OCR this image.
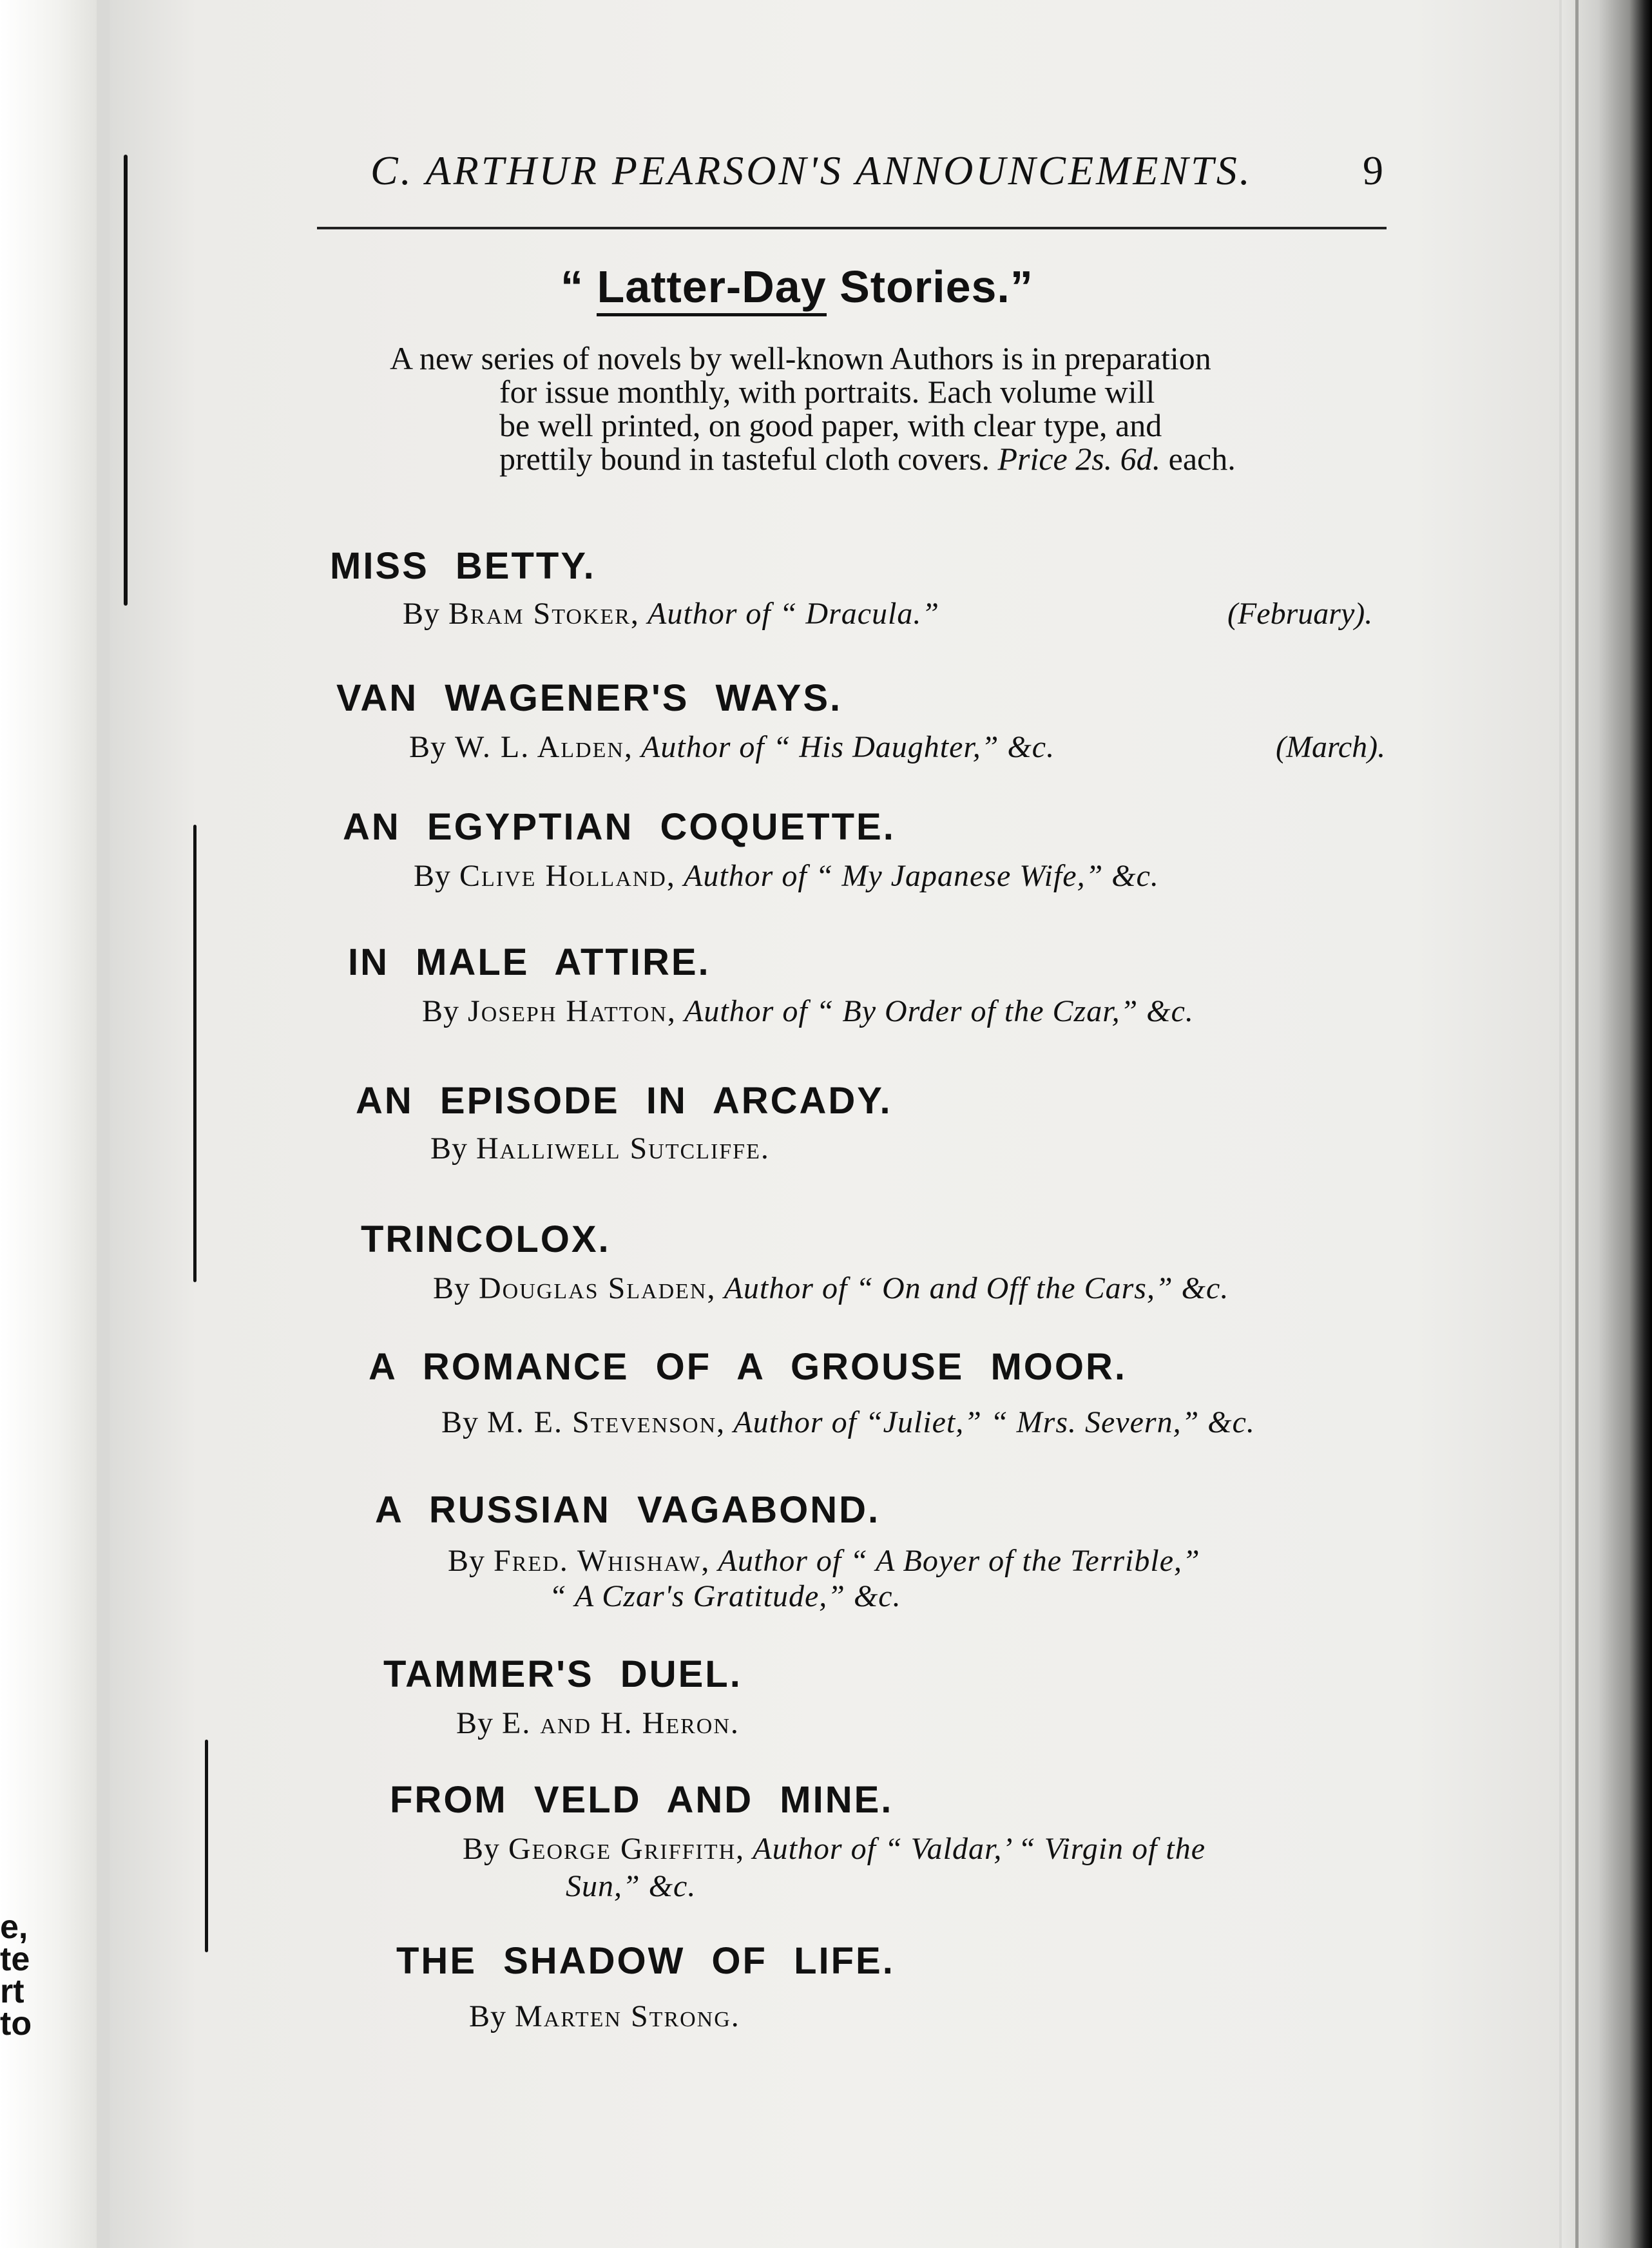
e,
te
rt
to
C. ARTHUR PEARSON'S ANNOUNCEMENTS.	9
“ Latter-Day Stories.”
A new series of novels by well-known Authors is in preparation
for issue monthly, with portraits. Each volume will
be well printed, on good paper, with clear type, and
prettily bound in tasteful cloth covers. Price 2s. 6d. each.
MISS BETTY.
By Bram Stoker, Author of “ Dracula.”	(February).
VAN WAGENER'S WAYS.
By W. L. Alden, Author of “ His Daughter,” &c.	(March).
AN EGYPTIAN COQUETTE.
By Clive Holland, Author of “ My Japanese Wife,” &c.
IN MALE ATTIRE.
By Joseph Hatton, Author of “ By Order of the Czar,” &c.
AN EPISODE IN ARCADY.
By Halliwell Sutcliffe.
TRINCOLOX.
By Douglas Sladen, Author of “ On and Off the Cars,” &c.
A ROMANCE OF A GROUSE MOOR.
By M. E. Stevenson, Author of “Juliet,” “ Mrs. Severn,” &c.
A RUSSIAN VAGABOND.
By Fred. Whishaw, Author of “ A Boyer of the Terrible,”
“ A Czar's Gratitude,” &c.
TAMMER'S DUEL.
By E. and H. Heron.
FROM VELD AND MINE.
By George Griffith, Author of “ Valdar,’ “ Virgin of the
Sun,” &c.
THE SHADOW OF LIFE.
By Marten Strong.
